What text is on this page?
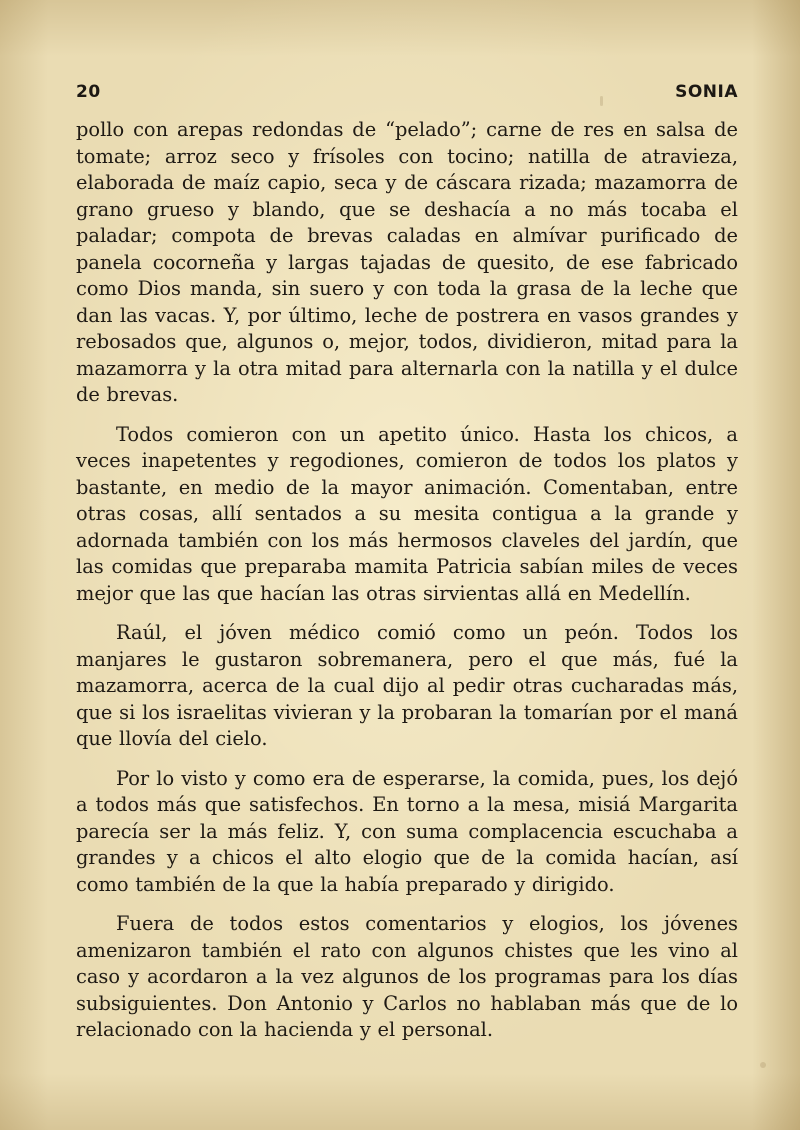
20	SONIA

pollo con arepas redondas de “pelado”; carne de res en salsa de tomate; arroz seco y frísoles con tocino; natilla de atravieza, elaborada de maíz capio, seca y de cáscara rizada; mazamorra de grano grueso y blando, que se deshacía a no más tocaba el paladar; compota de brevas caladas en almívar purificado de panela cocorneña y largas tajadas de quesito, de ese fabricado como Dios manda, sin suero y con toda la grasa de la leche que dan las vacas. Y, por último, leche de postrera en vasos grandes y rebosados que, algunos o, mejor, todos, dividieron, mitad para la mazamorra y la otra mitad para alternarla con la natilla y el dulce de brevas.

Todos comieron con un apetito único. Hasta los chicos, a veces inapetentes y regodiones, comieron de todos los platos y bastante, en medio de la mayor animación. Comentaban, entre otras cosas, allí sentados a su mesita contigua a la grande y adornada también con los más hermosos claveles del jardín, que las comidas que preparaba mamita Patricia sabían miles de veces mejor que las que hacían las otras sirvientas allá en Medellín.

Raúl, el jóven médico comió como un peón. Todos los manjares le gustaron sobremanera, pero el que más, fué la mazamorra, acerca de la cual dijo al pedir otras cucharadas más, que si los israelitas vivieran y la probaran la tomarían por el maná que llovía del cielo.

Por lo visto y como era de esperarse, la comida, pues, los dejó a todos más que satisfechos. En torno a la mesa, misiá Margarita parecía ser la más feliz. Y, con suma complacencia escuchaba a grandes y a chicos el alto elogio que de la comida hacían, así como también de la que la había preparado y dirigido.

Fuera de todos estos comentarios y elogios, los jóvenes amenizaron también el rato con algunos chistes que les vino al caso y acordaron a la vez algunos de los programas para los días subsiguientes. Don Antonio y Carlos no hablaban más que de lo relacionado con la hacienda y el personal.
